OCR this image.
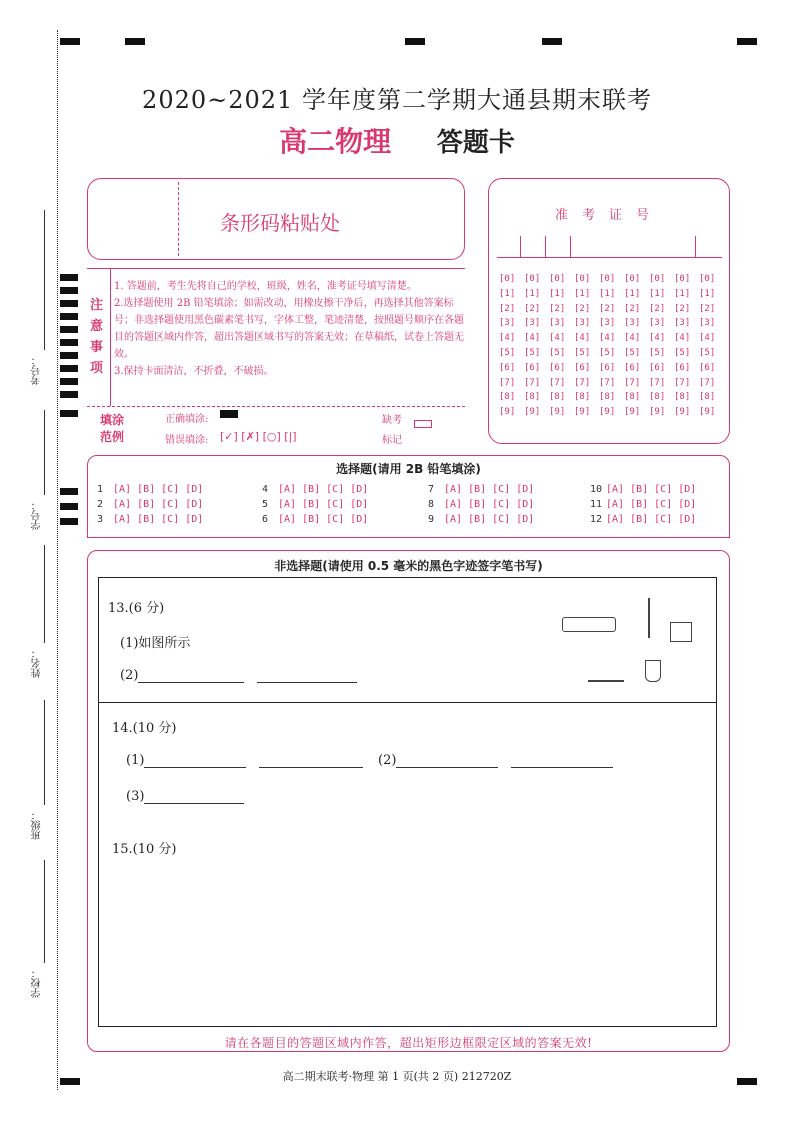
考号：
学号：
姓名：
班级：
学校：
2020~2021 学年度第二学期大通县期末联考
高二物理 答题卡
条形码粘贴处
注
意
事
项
1. 答题前，考生先将自己的学校，班级，姓名，准考证号填写清楚。
2.选择题使用 2B 铅笔填涂；如需改动，用橡皮擦干净后，再选择其他答案标号；非选择题使用黑色碳素笔书写，字体工整，笔迹清楚，按照题号顺序在各题目的答题区域内作答，超出答题区域书写的答案无效；在草稿纸，试卷上答题无效。
3.保持卡面清洁，不折叠，不破损。
填涂
范例
正确填涂:
错误填涂: [✓] [✗] [○] [|]
缺考
标记
准考证号
[0]
[1]
[2]
[3]
[4]
[5]
[6]
[7]
[8]
[9]
[0]
[1]
[2]
[3]
[4]
[5]
[6]
[7]
[8]
[9]
[0]
[1]
[2]
[3]
[4]
[5]
[6]
[7]
[8]
[9]
[0]
[1]
[2]
[3]
[4]
[5]
[6]
[7]
[8]
[9]
[0]
[1]
[2]
[3]
[4]
[5]
[6]
[7]
[8]
[9]
[0]
[1]
[2]
[3]
[4]
[5]
[6]
[7]
[8]
[9]
[0]
[1]
[2]
[3]
[4]
[5]
[6]
[7]
[8]
[9]
[0]
[1]
[2]
[3]
[4]
[5]
[6]
[7]
[8]
[9]
[0]
[1]
[2]
[3]
[4]
[5]
[6]
[7]
[8]
[9]
选择题(请用 2B 铅笔填涂)
1 [A] [B] [C] [D]
2 [A] [B] [C] [D]
3 [A] [B] [C] [D]
4 [A] [B] [C] [D]
5 [A] [B] [C] [D]
6 [A] [B] [C] [D]
7 [A] [B] [C] [D]
8 [A] [B] [C] [D]
9 [A] [B] [C] [D]
10 [A] [B] [C] [D]
11 [A] [B] [C] [D]
12 [A] [B] [C] [D]
非选择题(请使用 0.5 毫米的黑色字迹签字笔书写)
13.(6 分)
(1)如图所示
(2)
14.(10 分)
(1)	(2)
(3)
15.(10 分)
请在各题目的答题区域内作答，超出矩形边框限定区域的答案无效!
高二期末联考·物理 第 1 页(共 2 页) 212720Z
